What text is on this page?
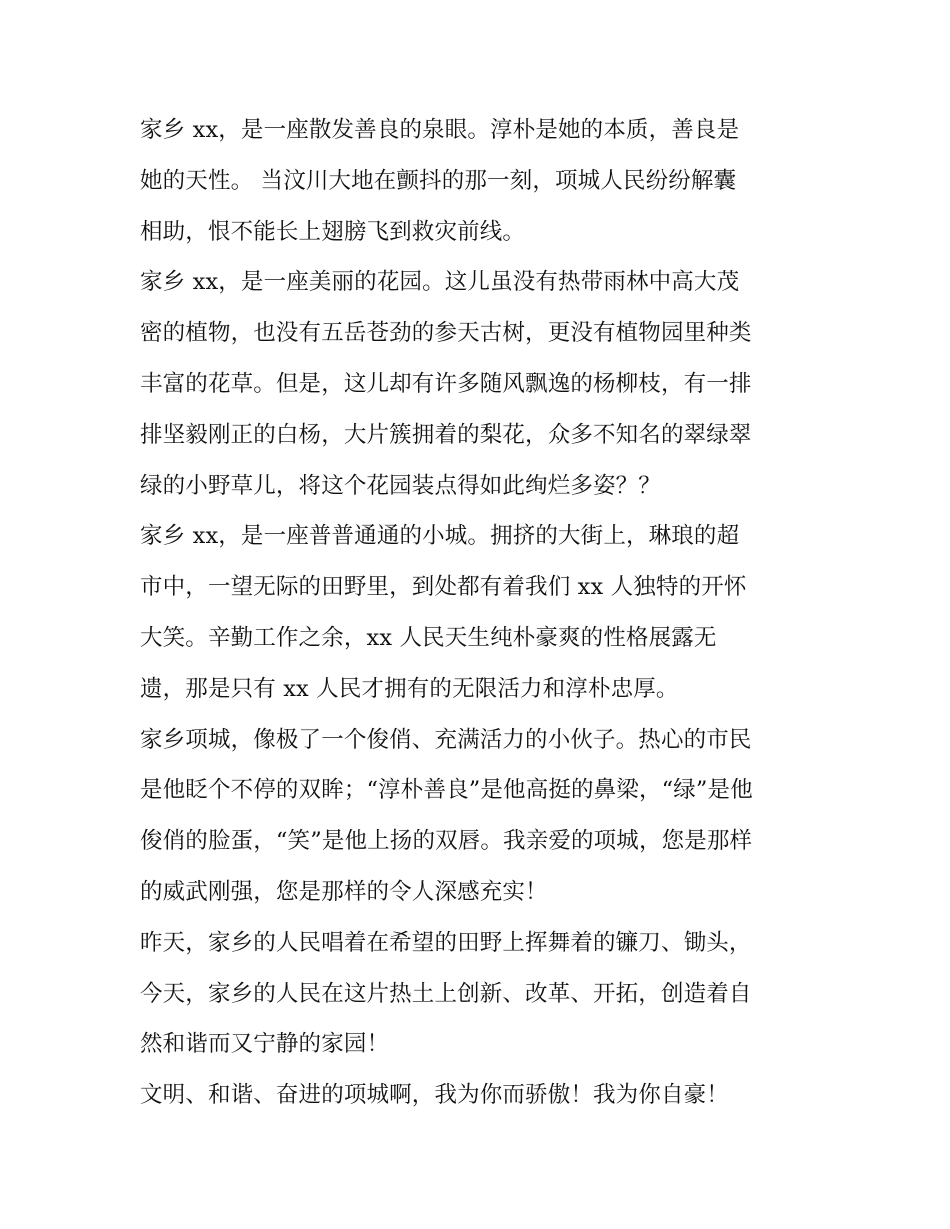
家乡 xx，是一座散发善良的泉眼。淳朴是她的本质，善良是
她的天性。 当汶川大地在颤抖的那一刻，项城人民纷纷解囊
相助，恨不能长上翅膀飞到救灾前线。
家乡 xx，是一座美丽的花园。这儿虽没有热带雨林中高大茂
密的植物，也没有五岳苍劲的参天古树，更没有植物园里种类
丰富的花草。但是，这儿却有许多随风飘逸的杨柳枝，有一排
排坚毅刚正的白杨，大片簇拥着的梨花，众多不知名的翠绿翠
绿的小野草儿，将这个花园装点得如此绚烂多姿？？
家乡 xx，是一座普普通通的小城。拥挤的大街上，琳琅的超
市中，一望无际的田野里，到处都有着我们 xx 人独特的开怀
大笑。辛勤工作之余，xx 人民天生纯朴豪爽的性格展露无
遗，那是只有 xx 人民才拥有的无限活力和淳朴忠厚。
家乡项城，像极了一个俊俏、充满活力的小伙子。热心的市民
是他眨个不停的双眸；“淳朴善良”是他高挺的鼻梁，“绿”是他
俊俏的脸蛋，“笑”是他上扬的双唇。我亲爱的项城，您是那样
的威武刚强，您是那样的令人深感充实！
昨天，家乡的人民唱着在希望的田野上挥舞着的镰刀、锄头，
今天，家乡的人民在这片热土上创新、改革、开拓，创造着自
然和谐而又宁静的家园！
文明、和谐、奋进的项城啊，我为你而骄傲！我为你自豪！
